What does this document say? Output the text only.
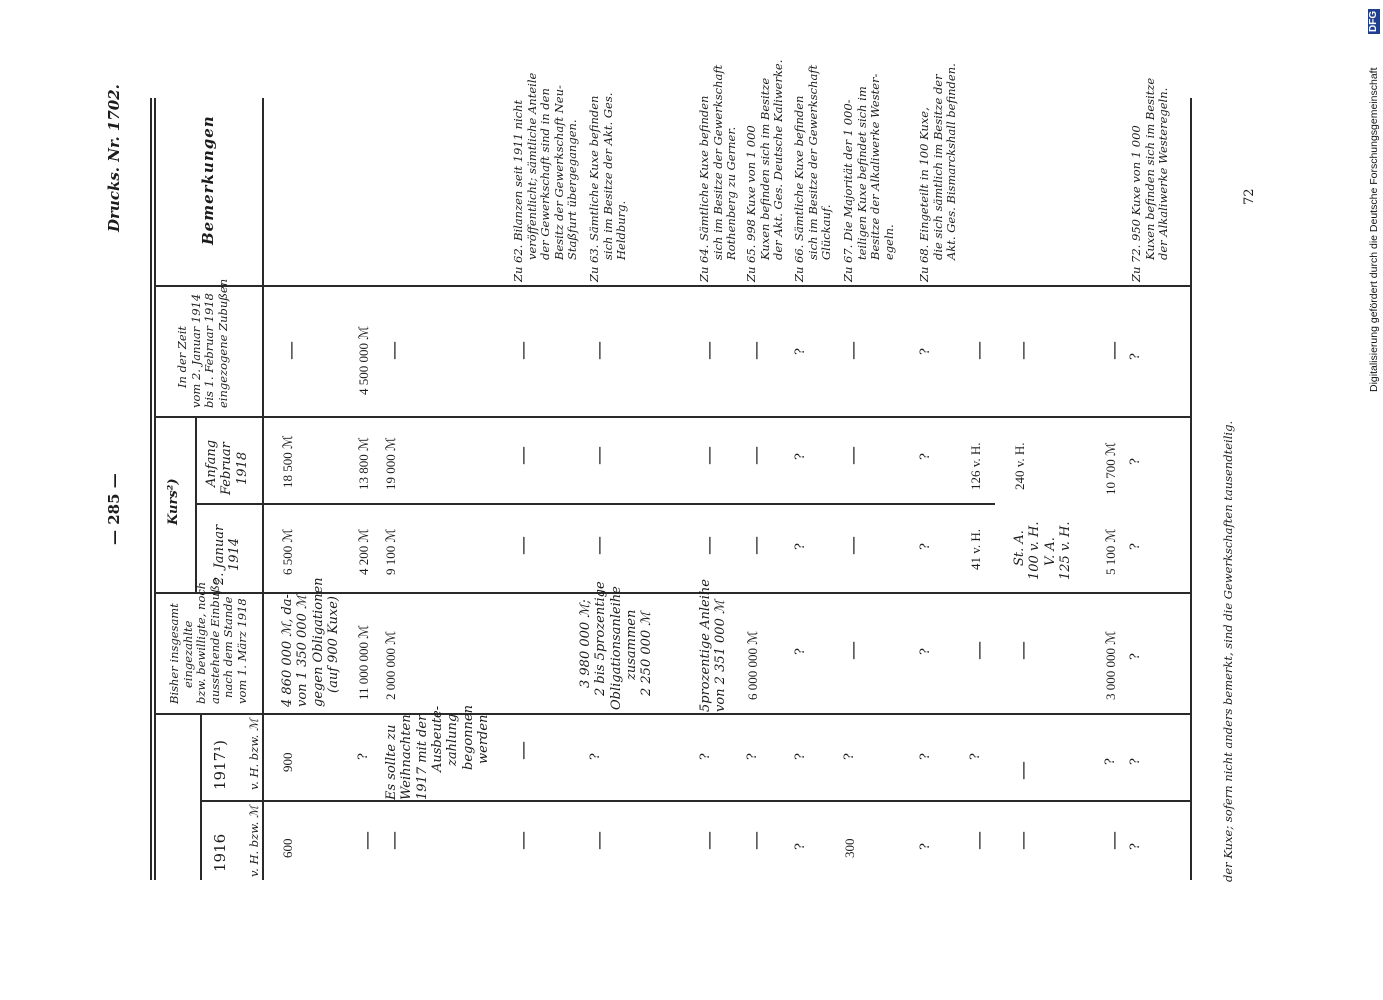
— 285 —
Drucks. Nr. 1702.
1916 v. H. bzw. ℳ
1917¹) v. H. bzw. ℳ
Bisher insgesamt eingezahlte bzw. bewilligte, noch ausstehende Einbuße nach dem Stande vom 1. März 1918
Kurs²)
2. Januar 1914
Anfang Februar 1918
In der Zeit vom 2. Januar 1914 bis 1. Februar 1918 eingezogene Zubußen
Bemerkungen
600
900
4 860 000 ℳ, da- von 1 350 000 ℳ gegen Obligationen (auf 900 Kuxe)
6 500 ℳ
18 500 ℳ
—
—
?
11 000 000 ℳ
4 200 ℳ
13 800 ℳ
4 500 000 ℳ
—
2 000 000 ℳ
9 100 ℳ
19 000 ℳ
—
Es sollte zu Weihnachten 1917 mit der Ausbeute- zahlung begonnen werden
—
—
—
—
—
Zu 62. Bilanzen seit 1911 nicht veröffentlicht; sämtliche Anteile der Gewerkschaft sind in den Besitz der Gewerkschaft Neu- Staßfurt übergegangen.
—
?
3 980 000 ℳ; 2 bis 5prozentige Obligationsanleihe zusammen 2 250 000 ℳ
—
—
—
Zu 63. Sämtliche Kuxe befinden sich im Besitze der Akt. Ges. Heldburg.
—
?
5prozentige Anleihe von 2 351 000 ℳ
—
—
—
Zu 64. Sämtliche Kuxe befinden sich im Besitze der Gewerkschaft Rothenberg zu Gerner.
—
?
6 000 000 ℳ
—
—
—
Zu 65. 998 Kuxe von 1 000 Kuxen befinden sich im Besitze der Akt. Ges. Deutsche Kaliwerke.
?
?
?
?
?
?
Zu 66. Sämtliche Kuxe befinden sich im Besitze der Gewerkschaft Glückauf.
300
?
—
—
—
—
Zu 67. Die Majorität der 1 000- teiligen Kuxe befindet sich im Besitze der Alkaliwerke Wester- egeln.
?
?
?
?
?
?
Zu 68. Eingeteilt in 100 Kuxe, die sich sämtlich im Besitze der Akt. Ges. Bismarckshall befinden.
—
?
—
41 v. H.
126 v. H.
—
—
—
—
St. A. 100 v. H. V. A. 125 v. H.
240 v. H.
—
—
?
3 000 000 ℳ
5 100 ℳ
10 700 ℳ
—
?
?
?
?
?
?
Zu 72. 950 Kuxe von 1 000 Kuxen befinden sich im Besitze der Alkaliwerke Westeregeln.
der Kuxe; sofern nicht anders bemerkt, sind die Gewerkschaften tausendteilig.
72	Digitalisierung gefördert durch die Deutsche Forschungsgemeinschaft
DFG
